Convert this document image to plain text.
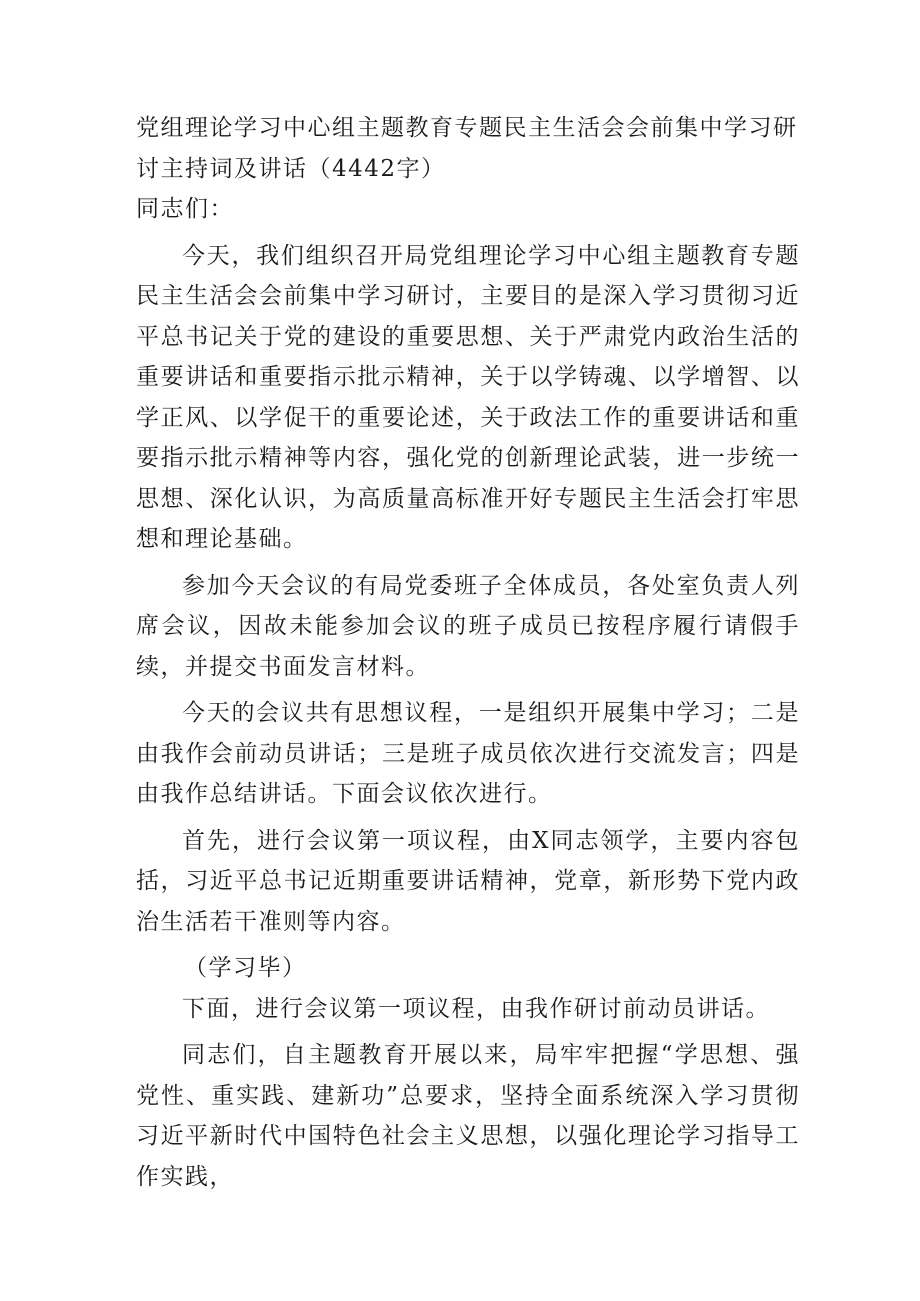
党组理论学习中心组主题教育专题民主生活会会前集中学习研讨主持词及讲话（4442字）

同志们：

今天，我们组织召开局党组理论学习中心组主题教育专题民主生活会会前集中学习研讨，主要目的是深入学习贯彻习近平总书记关于党的建设的重要思想、关于严肃党内政治生活的重要讲话和重要指示批示精神，关于以学铸魂、以学增智、以学正风、以学促干的重要论述，关于政法工作的重要讲话和重要指示批示精神等内容，强化党的创新理论武装，进一步统一思想、深化认识，为高质量高标准开好专题民主生活会打牢思想和理论基础。

参加今天会议的有局党委班子全体成员，各处室负责人列席会议，因故未能参加会议的班子成员已按程序履行请假手续，并提交书面发言材料。

今天的会议共有思想议程，一是组织开展集中学习；二是由我作会前动员讲话；三是班子成员依次进行交流发言；四是由我作总结讲话。下面会议依次进行。

首先，进行会议第一项议程，由X同志领学，主要内容包括，习近平总书记近期重要讲话精神，党章，新形势下党内政治生活若干准则等内容。

（学习毕）

下面，进行会议第一项议程，由我作研讨前动员讲话。

同志们，自主题教育开展以来，局牢牢把握“学思想、强党性、重实践、建新功”总要求，坚持全面系统深入学习贯彻习近平新时代中国特色社会主义思想，以强化理论学习指导工作实践，
